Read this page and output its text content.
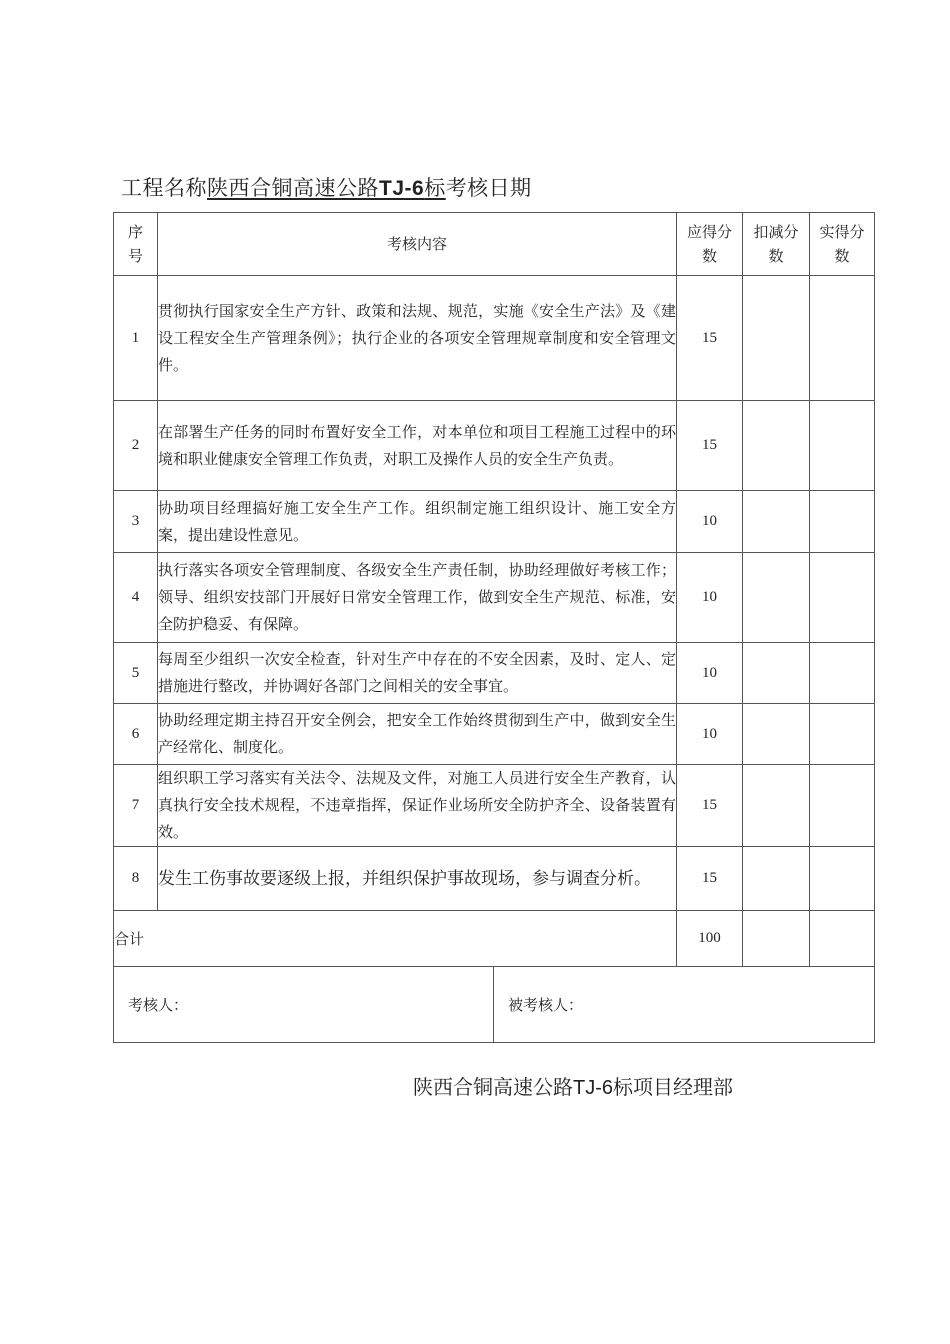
工程名称陕西合铜高速公路TJ-6标考核日期
序号	考核内容	应得分数	扣减分数	实得分数
1	贯彻执行国家安全生产方针、政策和法规、规范，实施《安全生产法》及《建设工程安全生产管理条例》；执行企业的各项安全管理规章制度和安全管理文件。	15		
2	在部署生产任务的同时布置好安全工作，对本单位和项目工程施工过程中的环境和职业健康安全管理工作负责，对职工及操作人员的安全生产负责。	15		
3	协助项目经理搞好施工安全生产工作。组织制定施工组织设计、施工安全方案，提出建设性意见。	10		
4	执行落实各项安全管理制度、各级安全生产责任制，协助经理做好考核工作；领导、组织安技部门开展好日常安全管理工作，做到安全生产规范、标准，安全防护稳妥、有保障。	10		
5	每周至少组织一次安全检查，针对生产中存在的不安全因素，及时、定人、定措施进行整改，并协调好各部门之间相关的安全事宜。	10		
6	协助经理定期主持召开安全例会，把安全工作始终贯彻到生产中，做到安全生产经常化、制度化。	10		
7	组织职工学习落实有关法令、法规及文件，对施工人员进行安全生产教育，认真执行安全技术规程，不违章指挥，保证作业场所安全防护齐全、设备装置有效。	15		
8	发生工伤事故要逐级上报，并组织保护事故现场，参与调查分析。	15		
合计		100		

考核人： 被考核人：				
陕西合铜高速公路TJ-6标项目经理部
